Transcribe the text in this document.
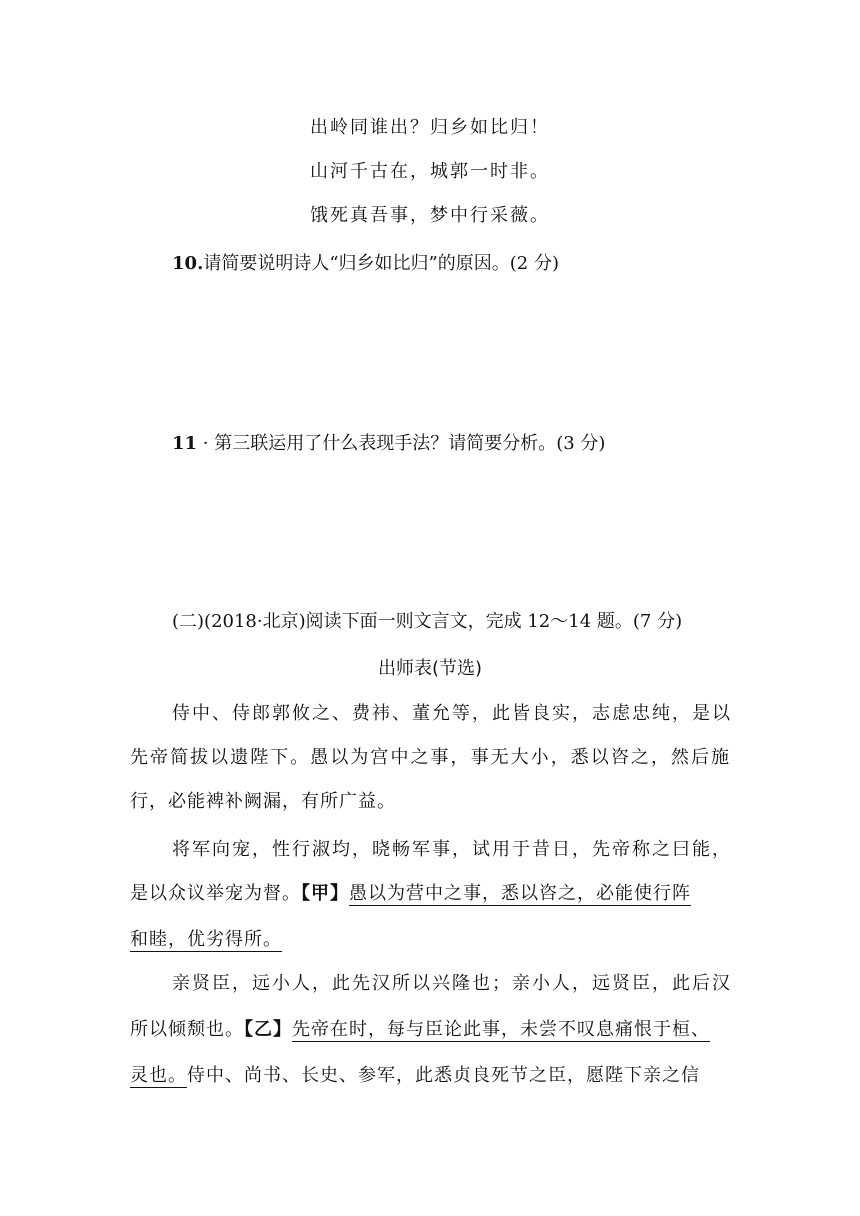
出岭同谁出？归乡如比归！
山河千古在，城郭一时非。
饿死真吾事，梦中行采薇。
10.请简要说明诗人“归乡如比归”的原因。(2 分)
11 · 第三联运用了什么表现手法？请简要分析。(3 分)
(二)(2018·北京)阅读下面一则文言文，完成 12～14 题。(7 分)
出师表(节选)
侍中、侍郎郭攸之、费祎、董允等，此皆良实，志虑忠纯，是以
先帝简拔以遗陛下。愚以为宫中之事，事无大小，悉以咨之，然后施
行，必能裨补阙漏，有所广益。
将军向宠，性行淑均，晓畅军事，试用于昔日，先帝称之曰能，
是以众议举宠为督。【甲】愚以为营中之事，悉以咨之，必能使行阵
和睦，优劣得所。
亲贤臣，远小人，此先汉所以兴隆也；亲小人，远贤臣，此后汉
所以倾颓也。【乙】先帝在时，每与臣论此事，未尝不叹息痛恨于桓、
灵也。侍中、尚书、长史、参军，此悉贞良死节之臣，愿陛下亲之信
